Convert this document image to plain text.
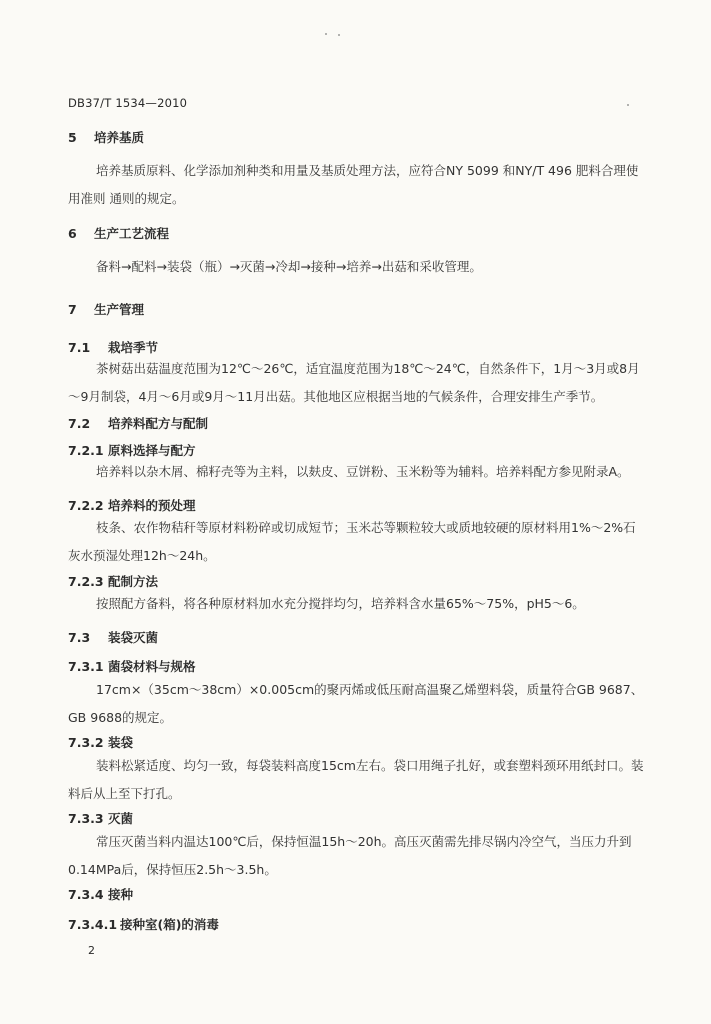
DB37/T 1534—2010
5 培养基质
培养基质原料、化学添加剂种类和用量及基质处理方法，应符合NY 5099 和NY/T 496 肥料合理使用准则 通则的规定。
6 生产工艺流程
备料→配料→装袋（瓶）→灭菌→冷却→接种→培养→出菇和采收管理。
7 生产管理
7.1 栽培季节
茶树菇出菇温度范围为12℃～26℃，适宜温度范围为18℃～24℃，自然条件下，1月～3月或8月～9月制袋，4月～6月或9月～11月出菇。其他地区应根据当地的气候条件，合理安排生产季节。
7.2 培养料配方与配制
7.2.1 原料选择与配方
培养料以杂木屑、棉籽壳等为主料，以麸皮、豆饼粉、玉米粉等为辅料。培养料配方参见附录A。
7.2.2 培养料的预处理
枝条、农作物秸秆等原材料粉碎或切成短节；玉米芯等颗粒较大或质地较硬的原材料用1%～2%石灰水预湿处理12h～24h。
7.2.3 配制方法
按照配方备料，将各种原材料加水充分搅拌均匀，培养料含水量65%～75%，pH5～6。
7.3 装袋灭菌
7.3.1 菌袋材料与规格
17cm×（35cm～38cm）×0.005cm的聚丙烯或低压耐高温聚乙烯塑料袋，质量符合GB 9687、GB 9688的规定。
7.3.2 装袋
装料松紧适度、均匀一致，每袋装料高度15cm左右。袋口用绳子扎好，或套塑料颈环用纸封口。装料后从上至下打孔。
7.3.3 灭菌
常压灭菌当料内温达100℃后，保持恒温15h～20h。高压灭菌需先排尽锅内冷空气，当压力升到0.14MPa后，保持恒压2.5h～3.5h。
7.3.4 接种
7.3.4.1 接种室(箱)的消毒
2
